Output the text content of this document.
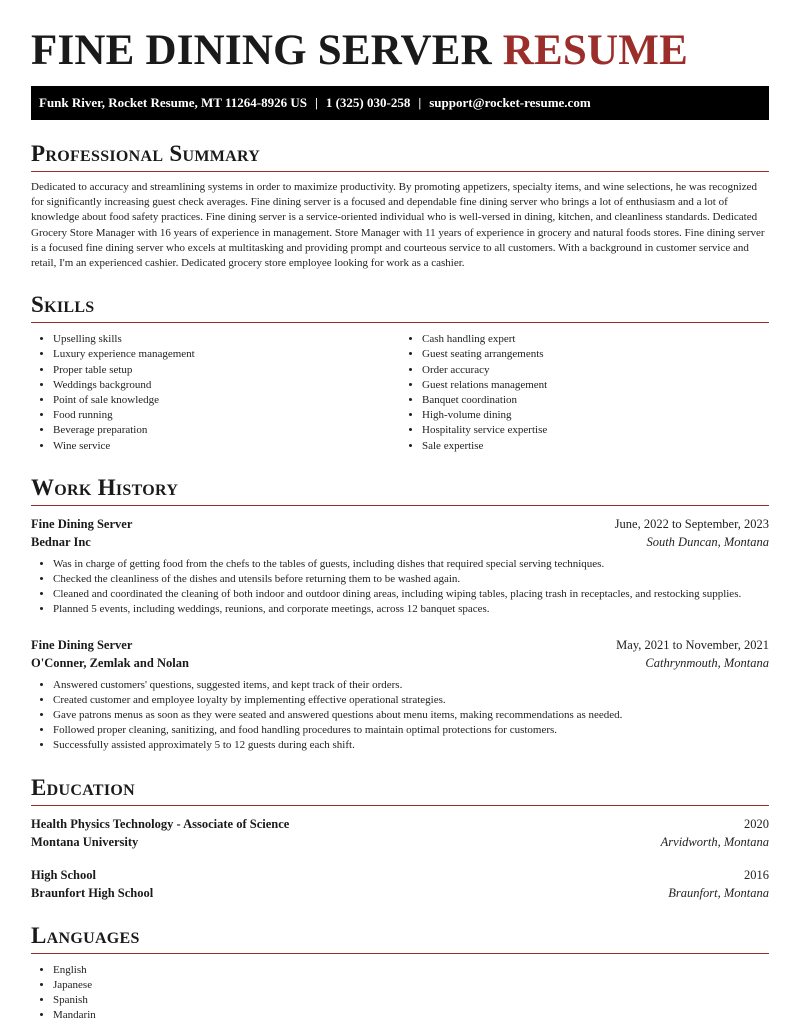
FINE DINING SERVER RESUME
Funk River, Rocket Resume, MT 11264-8926 US | 1 (325) 030-258 | support@rocket-resume.com
Professional Summary
Dedicated to accuracy and streamlining systems in order to maximize productivity. By promoting appetizers, specialty items, and wine selections, he was recognized for significantly increasing guest check averages. Fine dining server is a focused and dependable fine dining server who brings a lot of enthusiasm and a lot of knowledge about food safety practices. Fine dining server is a service-oriented individual who is well-versed in dining, kitchen, and cleanliness standards. Dedicated Grocery Store Manager with 16 years of experience in management. Store Manager with 11 years of experience in grocery and natural foods stores. Fine dining server is a focused fine dining server who excels at multitasking and providing prompt and courteous service to all customers. With a background in customer service and retail, I'm an experienced cashier. Dedicated grocery store employee looking for work as a cashier.
Skills
• Upselling skills
• Luxury experience management
• Proper table setup
• Weddings background
• Point of sale knowledge
• Food running
• Beverage preparation
• Wine service
• Cash handling expert
• Guest seating arrangements
• Order accuracy
• Guest relations management
• Banquet coordination
• High-volume dining
• Hospitality service expertise
• Sale expertise
Work History
Fine Dining Server	June, 2022 to September, 2023
Bednar Inc	South Duncan, Montana
• Was in charge of getting food from the chefs to the tables of guests, including dishes that required special serving techniques.
• Checked the cleanliness of the dishes and utensils before returning them to be washed again.
• Cleaned and coordinated the cleaning of both indoor and outdoor dining areas, including wiping tables, placing trash in receptacles, and restocking supplies.
• Planned 5 events, including weddings, reunions, and corporate meetings, across 12 banquet spaces.
Fine Dining Server	May, 2021 to November, 2021
O'Conner, Zemlak and Nolan	Cathrynmouth, Montana
• Answered customers' questions, suggested items, and kept track of their orders.
• Created customer and employee loyalty by implementing effective operational strategies.
• Gave patrons menus as soon as they were seated and answered questions about menu items, making recommendations as needed.
• Followed proper cleaning, sanitizing, and food handling procedures to maintain optimal protections for customers.
• Successfully assisted approximately 5 to 12 guests during each shift.
Education
Health Physics Technology - Associate of Science	2020
Montana University	Arvidworth, Montana
High School	2016
Braunfort High School	Braunfort, Montana
Languages
• English
• Japanese
• Spanish
• Mandarin
